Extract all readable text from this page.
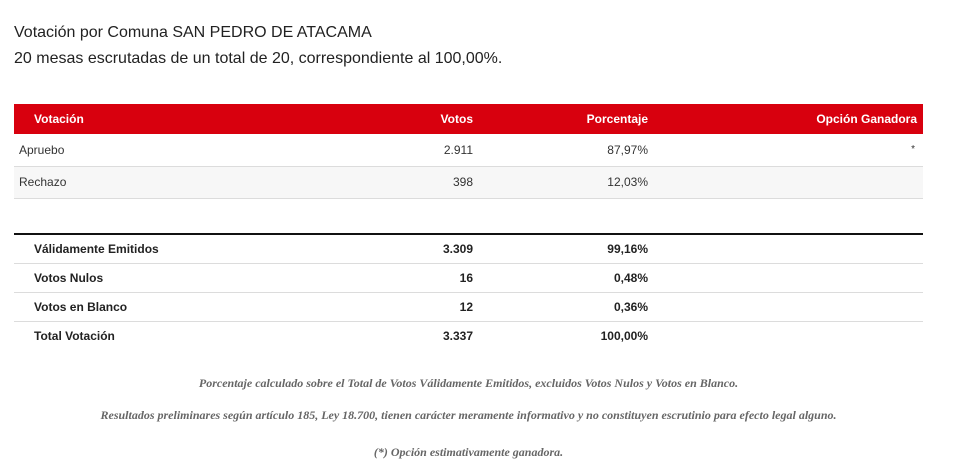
Votación por Comuna SAN PEDRO DE ATACAMA
20 mesas escrutadas de un total de 20, correspondiente al 100,00%.
Votación	Votos	Porcentaje	Opción Ganadora
Apruebo	2.911	87,97%	*
Rechazo	398	12,03%	
Válidamente Emitidos	3.309	99,16%	
Votos Nulos	16	0,48%	
Votos en Blanco	12	0,36%	
Total Votación	3.337	100,00%	
Porcentaje calculado sobre el Total de Votos Válidamente Emitidos, excluidos Votos Nulos y Votos en Blanco.
Resultados preliminares según artículo 185, Ley 18.700, tienen carácter meramente informativo y no constituyen escrutinio para efecto legal alguno.
(*) Opción estimativamente ganadora.
